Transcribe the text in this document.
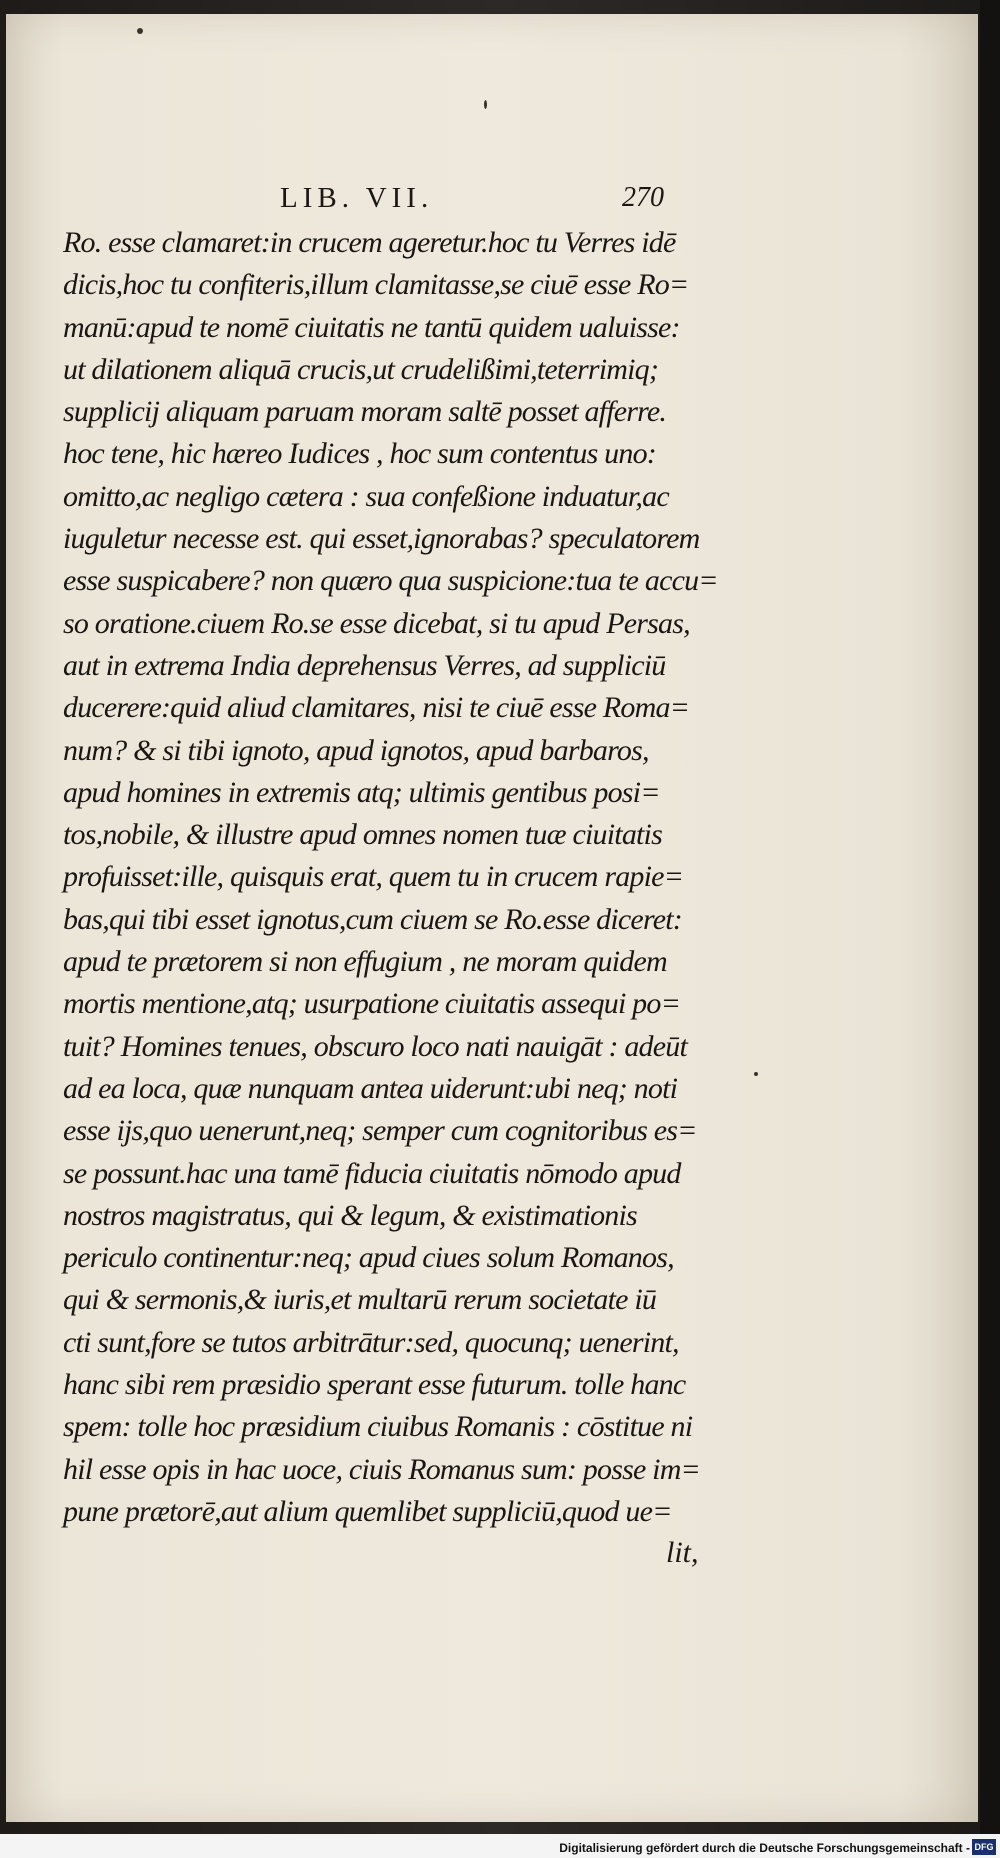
LIB. VII.	270
Ro. esse clamaret:in crucem ageretur.hoc tu Verres idē
dicis,hoc tu confiteris,illum clamitasse,se ciuē esse Ro=
manū:apud te nomē ciuitatis ne tantū quidem ualuisse:
ut dilationem aliquā crucis,ut crudelißimi,teterrimiq;
supplicij aliquam paruam moram saltē posset afferre.
hoc tene, hic hæreo Iudices , hoc sum contentus uno:
omitto,ac negligo cætera : sua confeßione induatur,ac
iuguletur necesse est. qui esset,ignorabas? speculatorem
esse suspicabere? non quæro qua suspicione:tua te accu=
so oratione.ciuem Ro.se esse dicebat, si tu apud Persas,
aut in extrema India deprehensus Verres, ad suppliciū
ducerere:quid aliud clamitares, nisi te ciuē esse Roma=
num? & si tibi ignoto, apud ignotos, apud barbaros,
apud homines in extremis atq; ultimis gentibus posi=
tos,nobile, & illustre apud omnes nomen tuæ ciuitatis
profuisset:ille, quisquis erat, quem tu in crucem rapie=
bas,qui tibi esset ignotus,cum ciuem se Ro.esse diceret:
apud te prætorem si non effugium , ne moram quidem
mortis mentione,atq; usurpatione ciuitatis assequi po=
tuit? Homines tenues, obscuro loco nati nauigāt : adeūt
ad ea loca, quæ nunquam antea uiderunt:ubi neq; noti
esse ijs,quo uenerunt,neq; semper cum cognitoribus es=
se possunt.hac una tamē fiducia ciuitatis nōmodo apud
nostros magistratus, qui & legum, & existimationis
periculo continentur:neq; apud ciues solum Romanos,
qui & sermonis,& iuris,et multarū rerum societate iū
cti sunt,fore se tutos arbitrātur:sed, quocunq; uenerint,
hanc sibi rem præsidio sperant esse futurum. tolle hanc
spem: tolle hoc præsidium ciuibus Romanis : cōstitue ni
hil esse opis in hac uoce, ciuis Romanus sum: posse im=
pune prætorē,aut alium quemlibet suppliciū,quod ue=
lit,
Digitalisierung gefördert durch die Deutsche Forschungsgemeinschaft - DFG
